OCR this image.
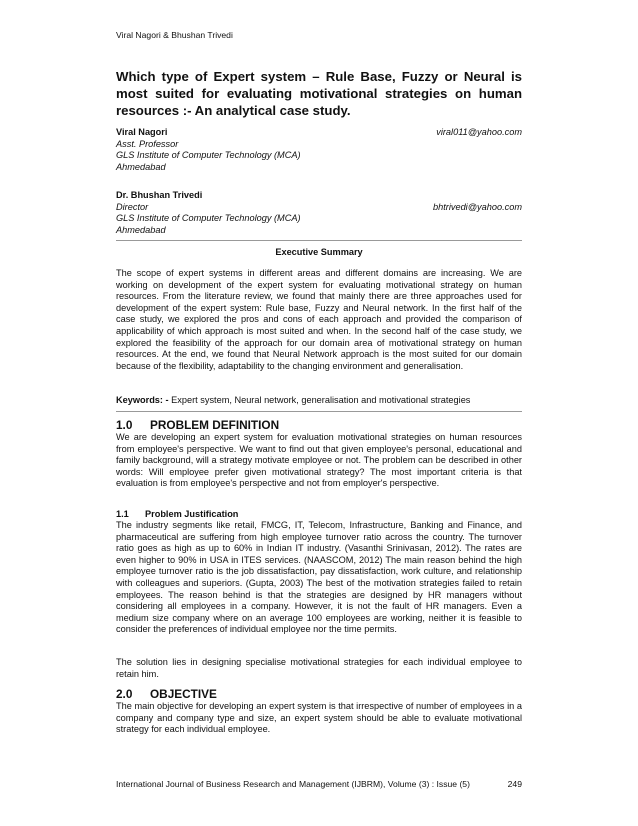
Viral Nagori & Bhushan Trivedi
Which type of Expert system – Rule Base, Fuzzy or Neural is most suited for evaluating motivational strategies on human resources :- An analytical case study.
Viral Nagori	viral011@yahoo.com
Asst. Professor
GLS Institute of Computer Technology (MCA)
Ahmedabad
Dr. Bhushan Trivedi
Director	bhtrivedi@yahoo.com
GLS Institute of Computer Technology (MCA)
Ahmedabad
Executive Summary

The scope of expert systems in different areas and different domains are increasing. We are working on development of the expert system for evaluating motivational strategy on human resources. From the literature review, we found that mainly there are three approaches used for development of the expert system: Rule base, Fuzzy and Neural network. In the first half of the case study, we explored the pros and cons of each approach and provided the comparison of applicability of which approach is most suited and when. In the second half of the case study, we explored the feasibility of the approach for our domain area of motivational strategy on human resources. At the end, we found that Neural Network approach is the most suited for our domain because of the flexibility, adaptability to the changing environment and generalisation.

Keywords: - Expert system, Neural network, generalisation and motivational strategies
1.0 PROBLEM DEFINITION

We are developing an expert system for evaluation motivational strategies on human resources from employee's perspective. We want to find out that given employee's personal, educational and family background, will a strategy motivate employee or not. The problem can be described in other words: Will employee prefer given motivational strategy? The most important criteria is that evaluation is from employee's perspective and not from employer's perspective.

1.1 Problem Justification

The industry segments like retail, FMCG, IT, Telecom, Infrastructure, Banking and Finance, and pharmaceutical are suffering from high employee turnover ratio across the country. The turnover ratio goes as high as up to 60% in Indian IT industry. (Vasanthi Srinivasan, 2012). The rates are even higher to 90% in USA in ITES services. (NAASCOM, 2012) The main reason behind the high employee turnover ratio is the job dissatisfaction, pay dissatisfaction, work culture, and relationship with colleagues and superiors. (Gupta, 2003) The best of the motivation strategies failed to retain employees. The reason behind is that the strategies are designed by HR managers without considering all employees in a company. However, it is not the fault of HR managers. Even a medium size company where on an average 100 employees are working, neither it is feasible to consider the preferences of individual employee nor the time permits.

The solution lies in designing specialise motivational strategies for each individual employee to retain him.

2.0 OBJECTIVE

The main objective for developing an expert system is that irrespective of number of employees in a company and company type and size, an expert system should be able to evaluate motivational strategy for each individual employee.

International Journal of Business Research and Management (IJBRM), Volume (3) : Issue (5)	249
